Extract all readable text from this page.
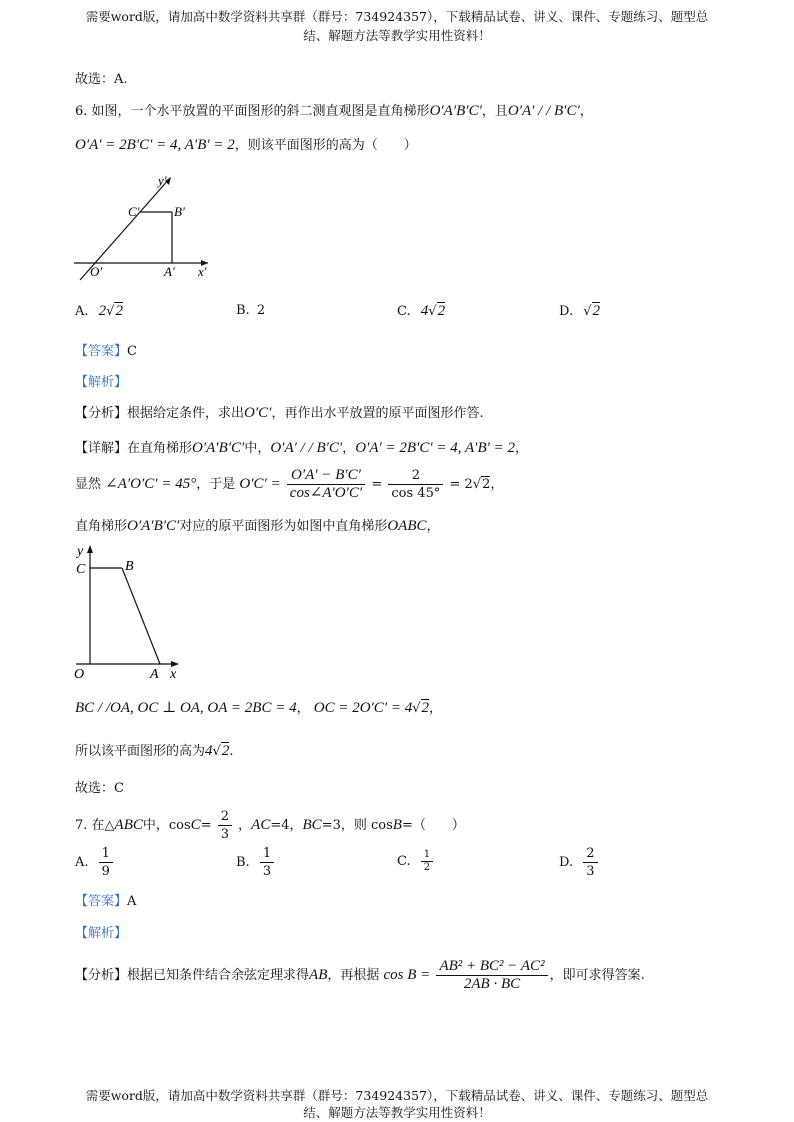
需要word版，请加高中数学资料共享群（群号：734924357），下载精品试卷、讲义、课件、专题练习、题型总
结、解题方法等教学实用性资料！
故选：A.
6. 如图，一个水平放置的平面图形的斜二测直观图是直角梯形O′A′B′C′，且O′A′ / / B′C′，
O′A′ = 2B′C′ = 4, A′B′ = 2，则该平面图形的高为（　　）
y′
x′
C′	B′
O′	A′
A. 2√2	B. 2	C. 4√2	D. √2
【答案】C
【解析】
【分析】根据给定条件，求出O′C′，再作出水平放置的原平面图形作答.
【详解】在直角梯形O′A′B′C′中，O′A′ / / B′C′，O′A′ = 2B′C′ = 4, A′B′ = 2，
显然 ∠A′O′C′ = 45°，于是 $O'C' = \frac{O'A' - B'C'}{\cos\angle A'O'C'} = \frac{2}{\cos 45^\circ} = 2√2$，
直角梯形O′A′B′C′对应的原平面图形为如图中直角梯形OABC，
y
C	B
O	A x
BC / /OA, OC ⊥ OA, OA = 2BC = 4， OC = 2O′C′ = 4√2，
所以该平面图形的高为4√2.
故选：C
7. 在△ABC中，$\cos C= \frac{2}{3}$ ，AC=4，BC=3，则 cosB=（　　）
A. $\frac{1}{9}$	B. $\frac{1}{3}$	C. $\frac{1}{2}$	D. $\frac{2}{3}$
【答案】A
【解析】
【分析】根据已知条件结合余弦定理求得AB，再根据 $\cos B = \frac{\text{AB² + BC² − AC²}}{2AB \cdot BC}$ ，即可求得答案.
需要word版，请加高中数学资料共享群（群号：734924357），下载精品试卷、讲义、课件、专题练习、题型总
结、解题方法等教学实用性资料！
